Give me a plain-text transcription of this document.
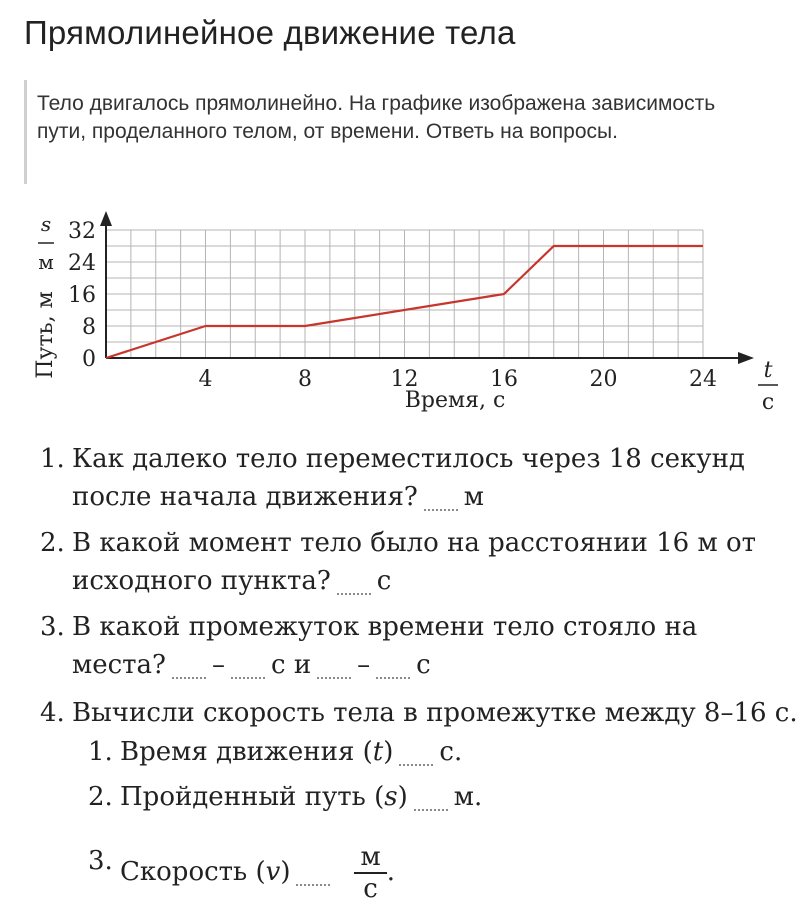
Прямолинейное движение тела
Тело двигалось прямолинейно. На графике изображена зависимость пути, проделанного телом, от времени. Ответь на вопросы.
4	8	12	16	20	24
0
8
16
24
32
Время, с
Путь, м
s
м
t
с
1. Как далеко тело переместилось через 18 секунд
после начала движения? м
2. В какой момент тело было на расстоянии 16 м от
исходного пункта? с
3. В какой промежуток времени тело стояло на
места? – с и – с
4. Вычисли скорость тела в промежутке между 8–16 с.
1. Время движения (t) с.
2. Пройденный путь (s) м.
3. Скорость $(v) \frac{м}{с}$ .
